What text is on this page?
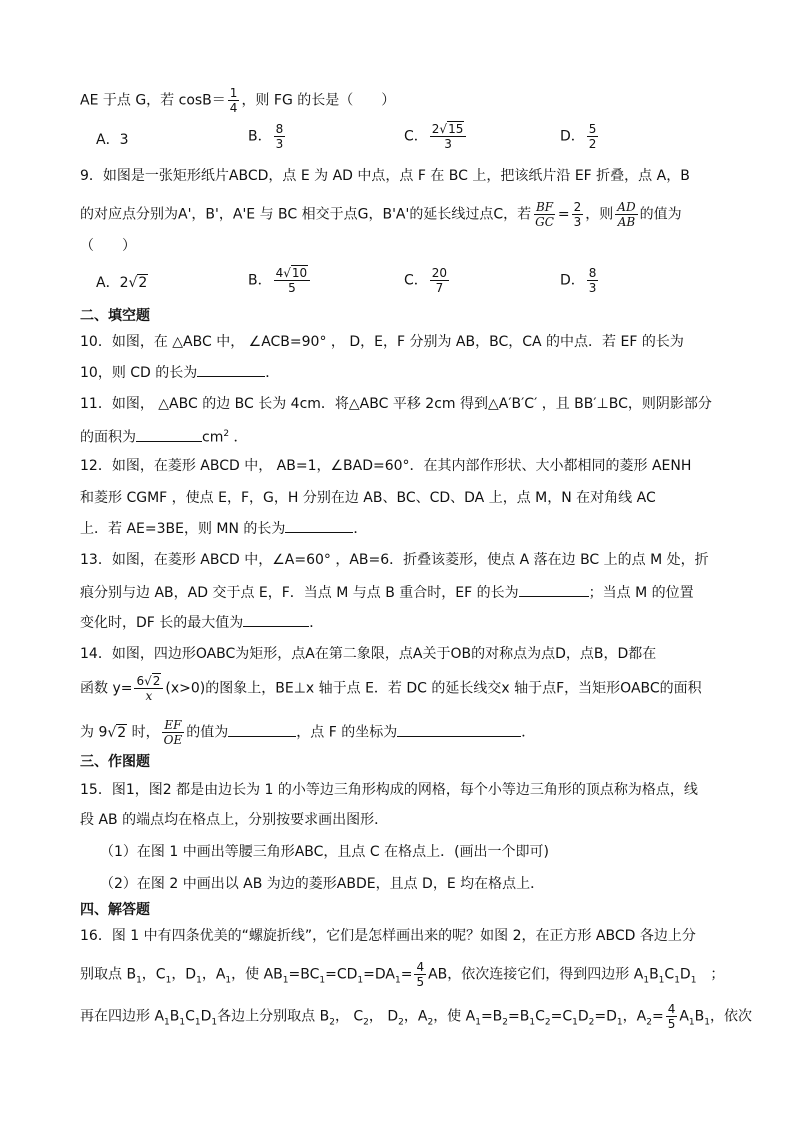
AE 于点 G，若 $\cos B= \frac{1}{4}$ ，则 FG 的长是（　　）
A．3	B． $\frac{8}{3}$	C． $\frac{2√15}{3}$	D． $\frac{5}{2}$
9．如图是一张矩形纸片ABCD，点 E 为 AD 中点，点 F 在 BC 上，把该纸片沿 EF 折叠，点 A，B
的对应点分别为A'，B'，A'E 与 BC 相交于点G，B'A'的延长线过点C，若 $\frac{BF}{GC} = \frac{2}{3}$ ，则 $\frac{AD}{AB}$ 的值为
（　　）
A．2√2	B． $\frac{4√10}{5}$	C． $\frac{20}{7}$	D． $\frac{8}{3}$
二、填空题
10．如图，在 △ABC 中， ∠ACB=90° ， D，E，F 分别为 AB，BC，CA 的中点．若 EF 的长为
10，则 CD 的长为	．
11．如图， △ABC 的边 BC 长为 4cm．将△ABC 平移 2cm 得到△A′B′C′ ，且 BB′⊥BC，则阴影部分
的面积为	$cm^2$ ．
12．如图，在菱形 ABCD 中， AB=1，∠BAD=60°．在其内部作形状、大小都相同的菱形 AENH
和菱形 CGMF ，使点 E，F，G，H 分别在边 AB、BC、CD、DA 上，点 M，N 在对角线 AC
上．若 AE=3BE，则 MN 的长为	．
13．如图，在菱形 ABCD 中，∠A=60° ，AB=6．折叠该菱形，使点 A 落在边 BC 上的点 M 处，折
痕分别与边 AB，AD 交于点 E，F．当点 M 与点 B 重合时，EF 的长为	；当点 M 的位置
变化时，DF 长的最大值为	．
14．如图，四边形OABC为矩形，点A在第二象限，点A关于OB的对称点为点D，点B，D都在
函数 $y= \frac{6√2}{x} (x>0)$的图象上，BE⊥x 轴于点 E．若 DC 的延长线交x 轴于点F，当矩形OABC的面积
为 9√2 时， $\frac{EF}{OE}$ 的值为	，点 F 的坐标为	．
三、作图题
15．图1，图2 都是由边长为 1 的小等边三角形构成的网格，每个小等边三角形的顶点称为格点，线
段 AB 的端点均在格点上，分别按要求画出图形．
（1）在图 1 中画出等腰三角形ABC，且点 C 在格点上．(画出一个即可)
（2）在图 2 中画出以 AB 为边的菱形ABDE，且点 D，E 均在格点上．
四、解答题
16．图 1 中有四条优美的“螺旋折线”，它们是怎样画出来的呢？如图 2，在正方形 ABCD 各边上分
别取点 $B_1$，$C_1$，$D_1$，$A_1$，使 $AB_1=BC_1=CD_1=DA_1= \frac{4}{5}$ AB，依次连接它们，得到四边形 $A_1B_1C_1D_1$　；
再在四边形 $A_1B_1C_1D_1$各边上分别取点 $B_2$， $C_2$， $D_2$，$A_2$，使 $A_1=B_2=B_1C_2=C_1D_2=D_1$，$A_2= \frac{4}{5} A_1B_1$，依次
